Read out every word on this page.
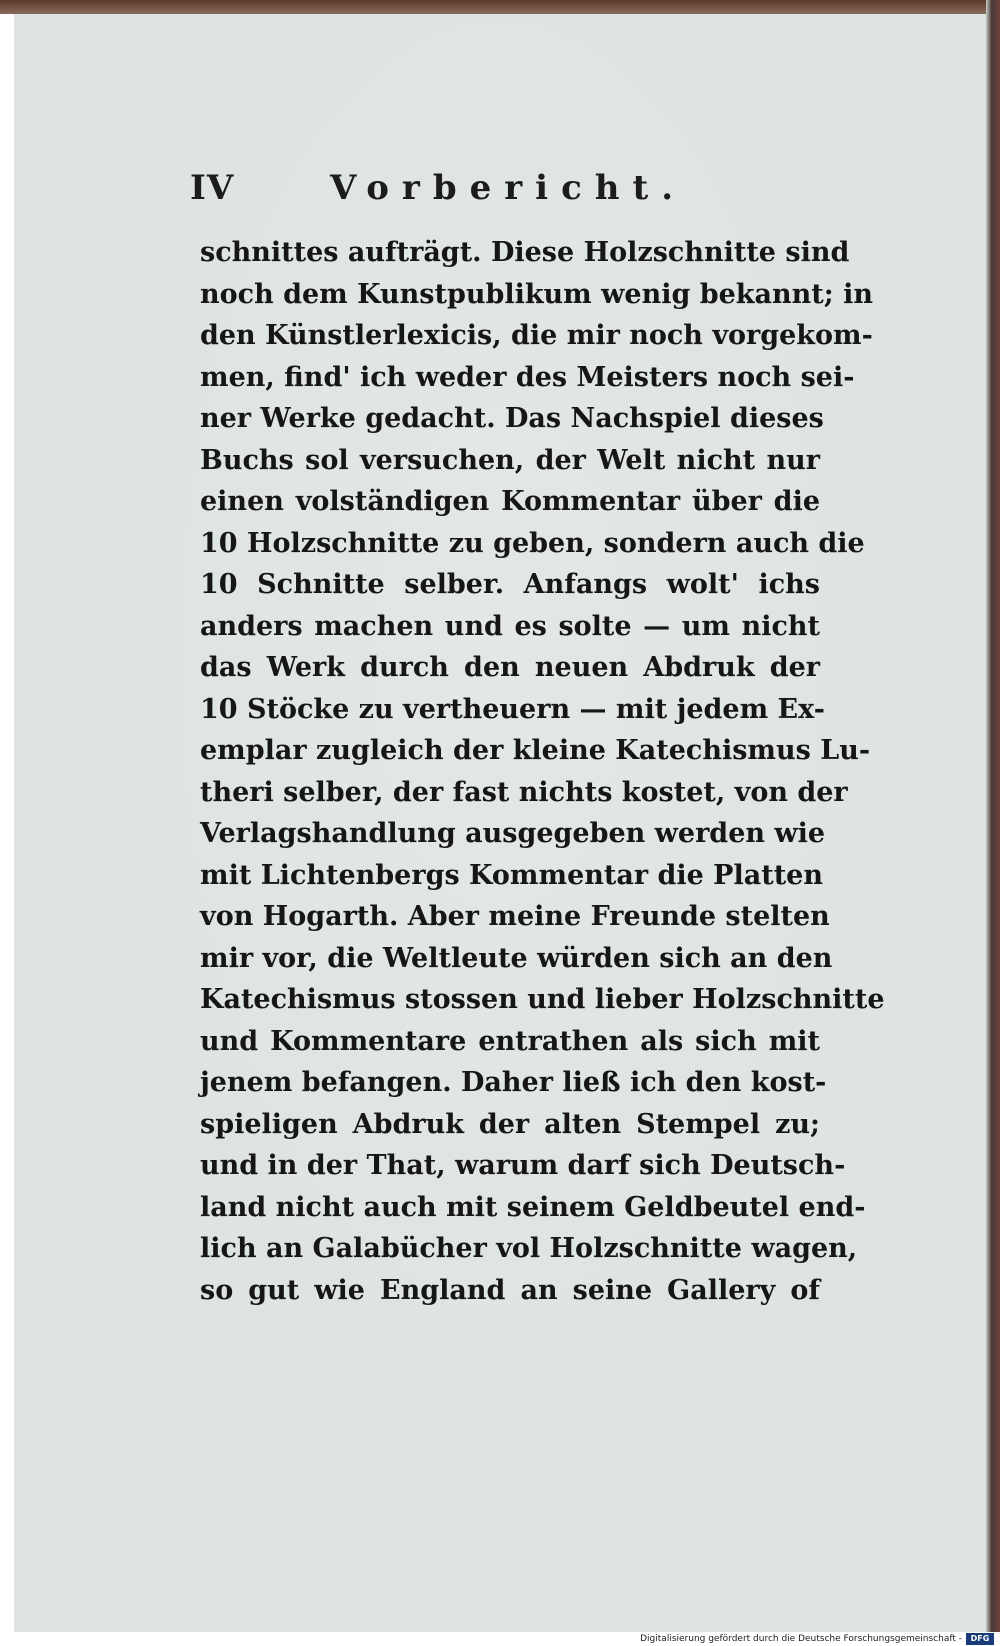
IV	Vorbericht.
schnittes aufträgt. Diese Holzschnitte sind
noch dem Kunstpublikum wenig bekannt; in
den Künstlerlexicis, die mir noch vorgekom-
men, find' ich weder des Meisters noch sei-
ner Werke gedacht. Das Nachspiel dieses
Buchs sol versuchen, der Welt nicht nur
einen volständigen Kommentar über die
10 Holzschnitte zu geben, sondern auch die
10 Schnitte selber. Anfangs wolt' ichs
anders machen und es solte — um nicht
das Werk durch den neuen Abdruk der
10 Stöcke zu vertheuern — mit jedem Ex-
emplar zugleich der kleine Katechismus Lu-
theri selber, der fast nichts kostet, von der
Verlagshandlung ausgegeben werden wie
mit Lichtenbergs Kommentar die Platten
von Hogarth. Aber meine Freunde stelten
mir vor, die Weltleute würden sich an den
Katechismus stossen und lieber Holzschnitte
und Kommentare entrathen als sich mit
jenem befangen. Daher ließ ich den kost-
spieligen Abdruk der alten Stempel zu;
und in der That, warum darf sich Deutsch-
land nicht auch mit seinem Geldbeutel end-
lich an Galabücher vol Holzschnitte wagen,
so gut wie England an seine Gallery of
Digitalisierung gefördert durch die Deutsche Forschungsgemeinschaft -	DFG
